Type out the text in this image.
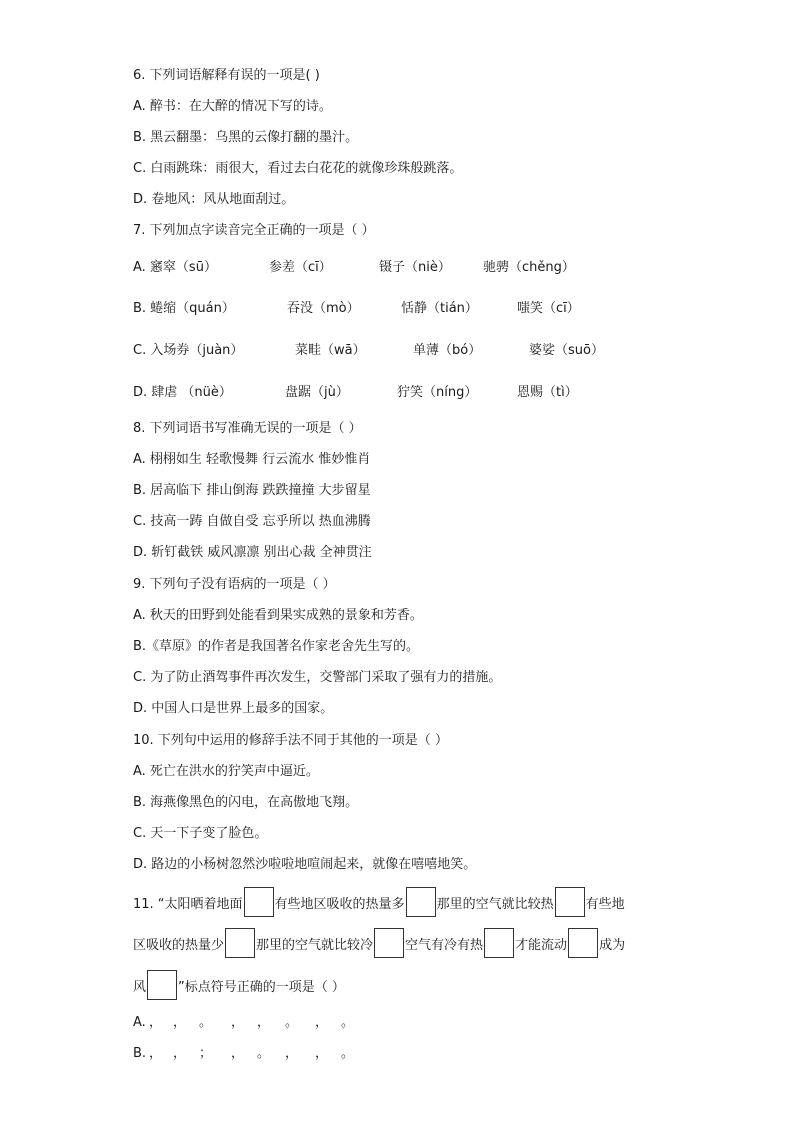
6. 下列词语解释有误的一项是( )
A. 醉书：在大醉的情况下写的诗。
B. 黑云翻墨：乌黑的云像打翻的墨汁。
C. 白雨跳珠：雨很大，看过去白花花的就像珍珠般跳落。
D. 卷地风：风从地面刮过。
7. 下列加点字读音完全正确的一项是（ ）
A. 窸窣（sū）	参差（cī）	镊子（niè） 驰骋（chěng）
B. 蜷缩（quán）	吞没（mò）	恬静（tián）	嗤笑（cī）
C. 入场券（juàn）	菜畦（wā）	单薄（bó）	婆娑（suō）
D. 肆虐 （nüè）	盘踞（jù）	狞笑（níng）	恩赐（tì）
8. 下列词语书写准确无误的一项是（ ）
A. 栩栩如生 轻歌慢舞 行云流水 惟妙惟肖
B. 居高临下 排山倒海 跌跌撞撞 大步留星
C. 技高一踌 自做自受 忘乎所以 热血沸腾
D. 斩钉截铁 威风凛凛 别出心裁 全神贯注
9. 下列句子没有语病的一项是（ ）
A. 秋天的田野到处能看到果实成熟的景象和芳香。
B.《草原》的作者是我国著名作家老舍先生写的。
C. 为了防止酒驾事件再次发生，交警部门采取了强有力的措施。
D. 中国人口是世界上最多的国家。
10. 下列句中运用的修辞手法不同于其他的一项是（ ）
A. 死亡在洪水的狞笑声中逼近。
B. 海燕像黑色的闪电，在高傲地飞翔。
C. 天一下子变了脸色。
D. 路边的小杨树忽然沙啦啦地喧闹起来，就像在嘻嘻地笑。
11. “太阳晒着地面 有些地区吸收的热量多 那里的空气就比较热 有些地
区吸收的热量少 那里的空气就比较冷 空气有冷有热 才能流动 成为
风 ”标点符号正确的一项是（ ）
A. ， ， 。 ， ， 。 ， 。
B. ， ， ； ， 。 ， ， 。
